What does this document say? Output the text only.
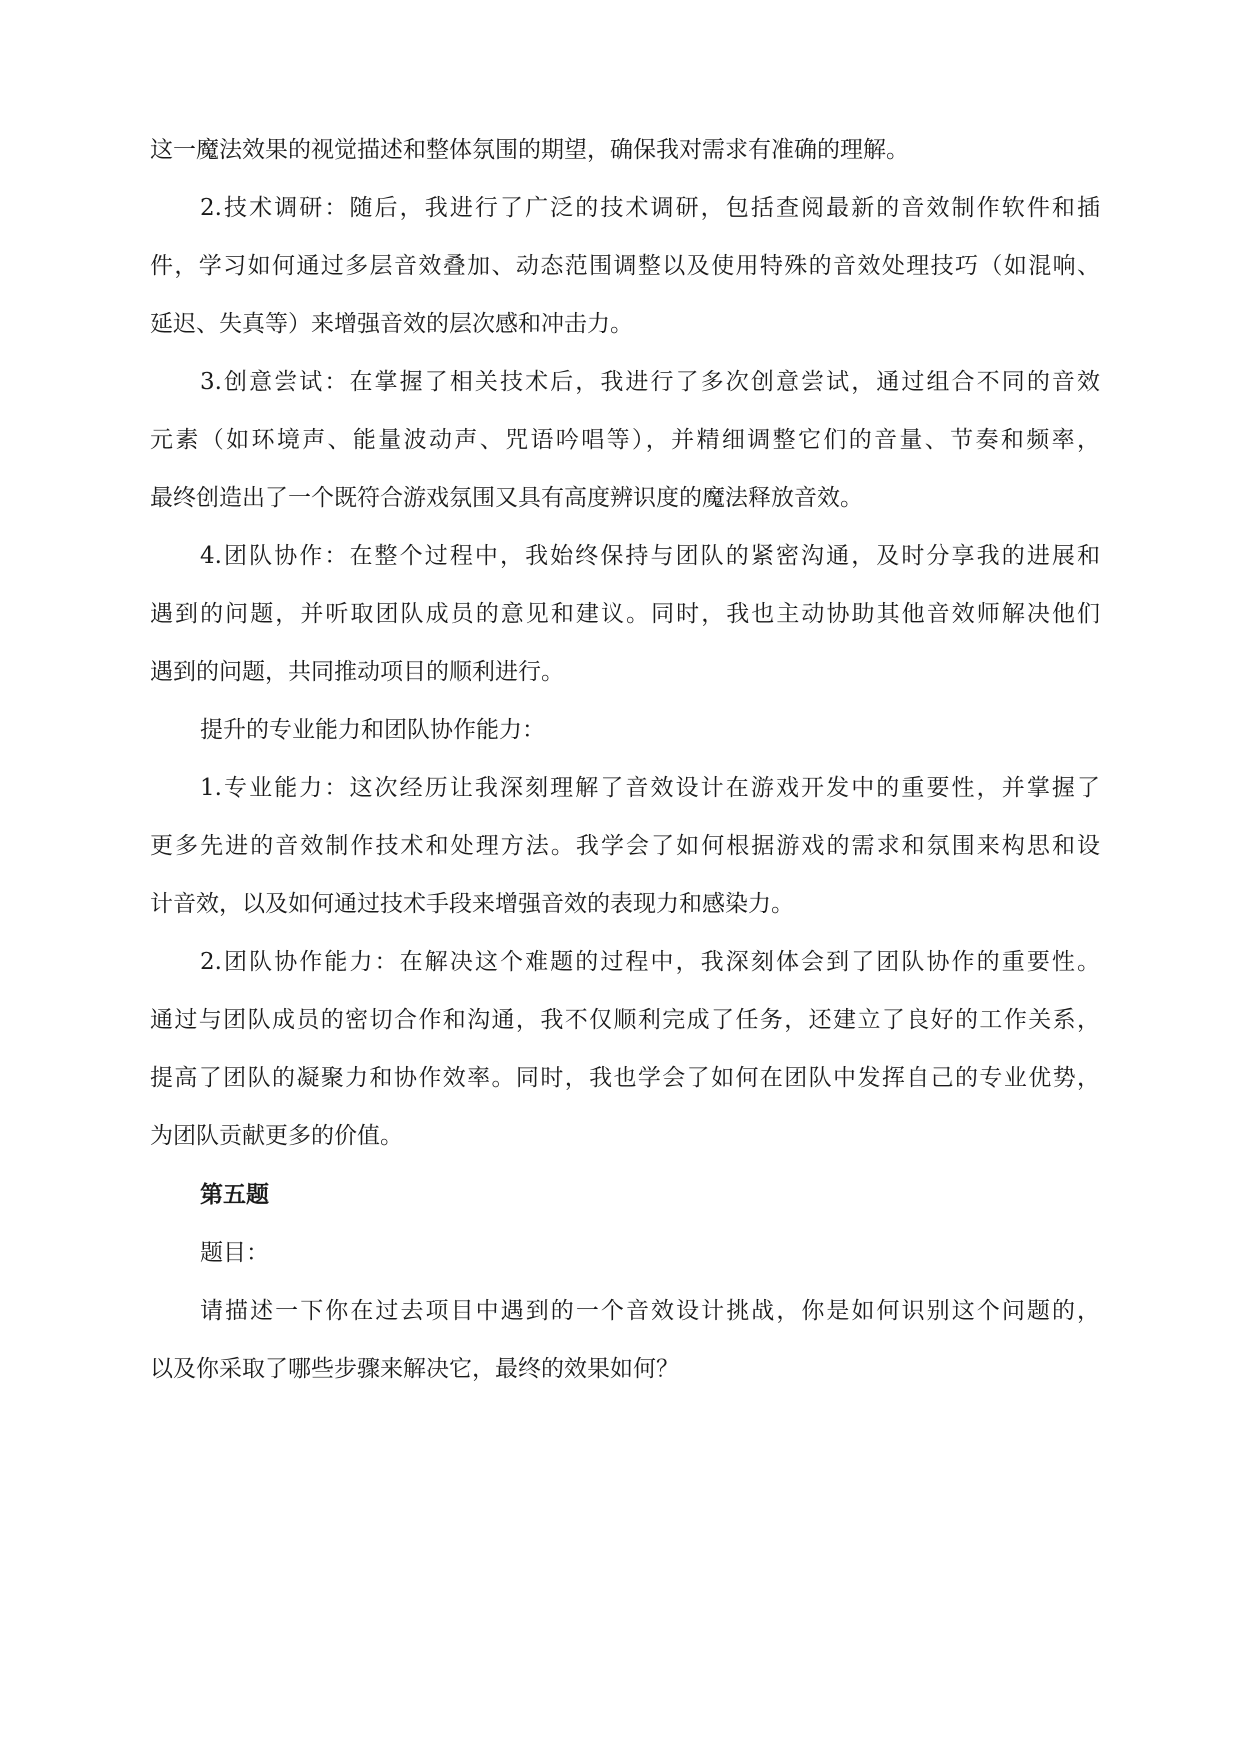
这一魔法效果的视觉描述和整体氛围的期望，确保我对需求有准确的理解。
2.技术调研：随后，我进行了广泛的技术调研，包括查阅最新的音效制作软件和插
件，学习如何通过多层音效叠加、动态范围调整以及使用特殊的音效处理技巧（如混响、
延迟、失真等）来增强音效的层次感和冲击力。
3.创意尝试：在掌握了相关技术后，我进行了多次创意尝试，通过组合不同的音效
元素（如环境声、能量波动声、咒语吟唱等），并精细调整它们的音量、节奏和频率，
最终创造出了一个既符合游戏氛围又具有高度辨识度的魔法释放音效。
4.团队协作：在整个过程中，我始终保持与团队的紧密沟通，及时分享我的进展和
遇到的问题，并听取团队成员的意见和建议。同时，我也主动协助其他音效师解决他们
遇到的问题，共同推动项目的顺利进行。
提升的专业能力和团队协作能力：
1.专业能力：这次经历让我深刻理解了音效设计在游戏开发中的重要性，并掌握了
更多先进的音效制作技术和处理方法。我学会了如何根据游戏的需求和氛围来构思和设
计音效，以及如何通过技术手段来增强音效的表现力和感染力。
2.团队协作能力：在解决这个难题的过程中，我深刻体会到了团队协作的重要性。
通过与团队成员的密切合作和沟通，我不仅顺利完成了任务，还建立了良好的工作关系，
提高了团队的凝聚力和协作效率。同时，我也学会了如何在团队中发挥自己的专业优势，
为团队贡献更多的价值。
第五题
题目：
请描述一下你在过去项目中遇到的一个音效设计挑战，你是如何识别这个问题的，
以及你采取了哪些步骤来解决它，最终的效果如何？
